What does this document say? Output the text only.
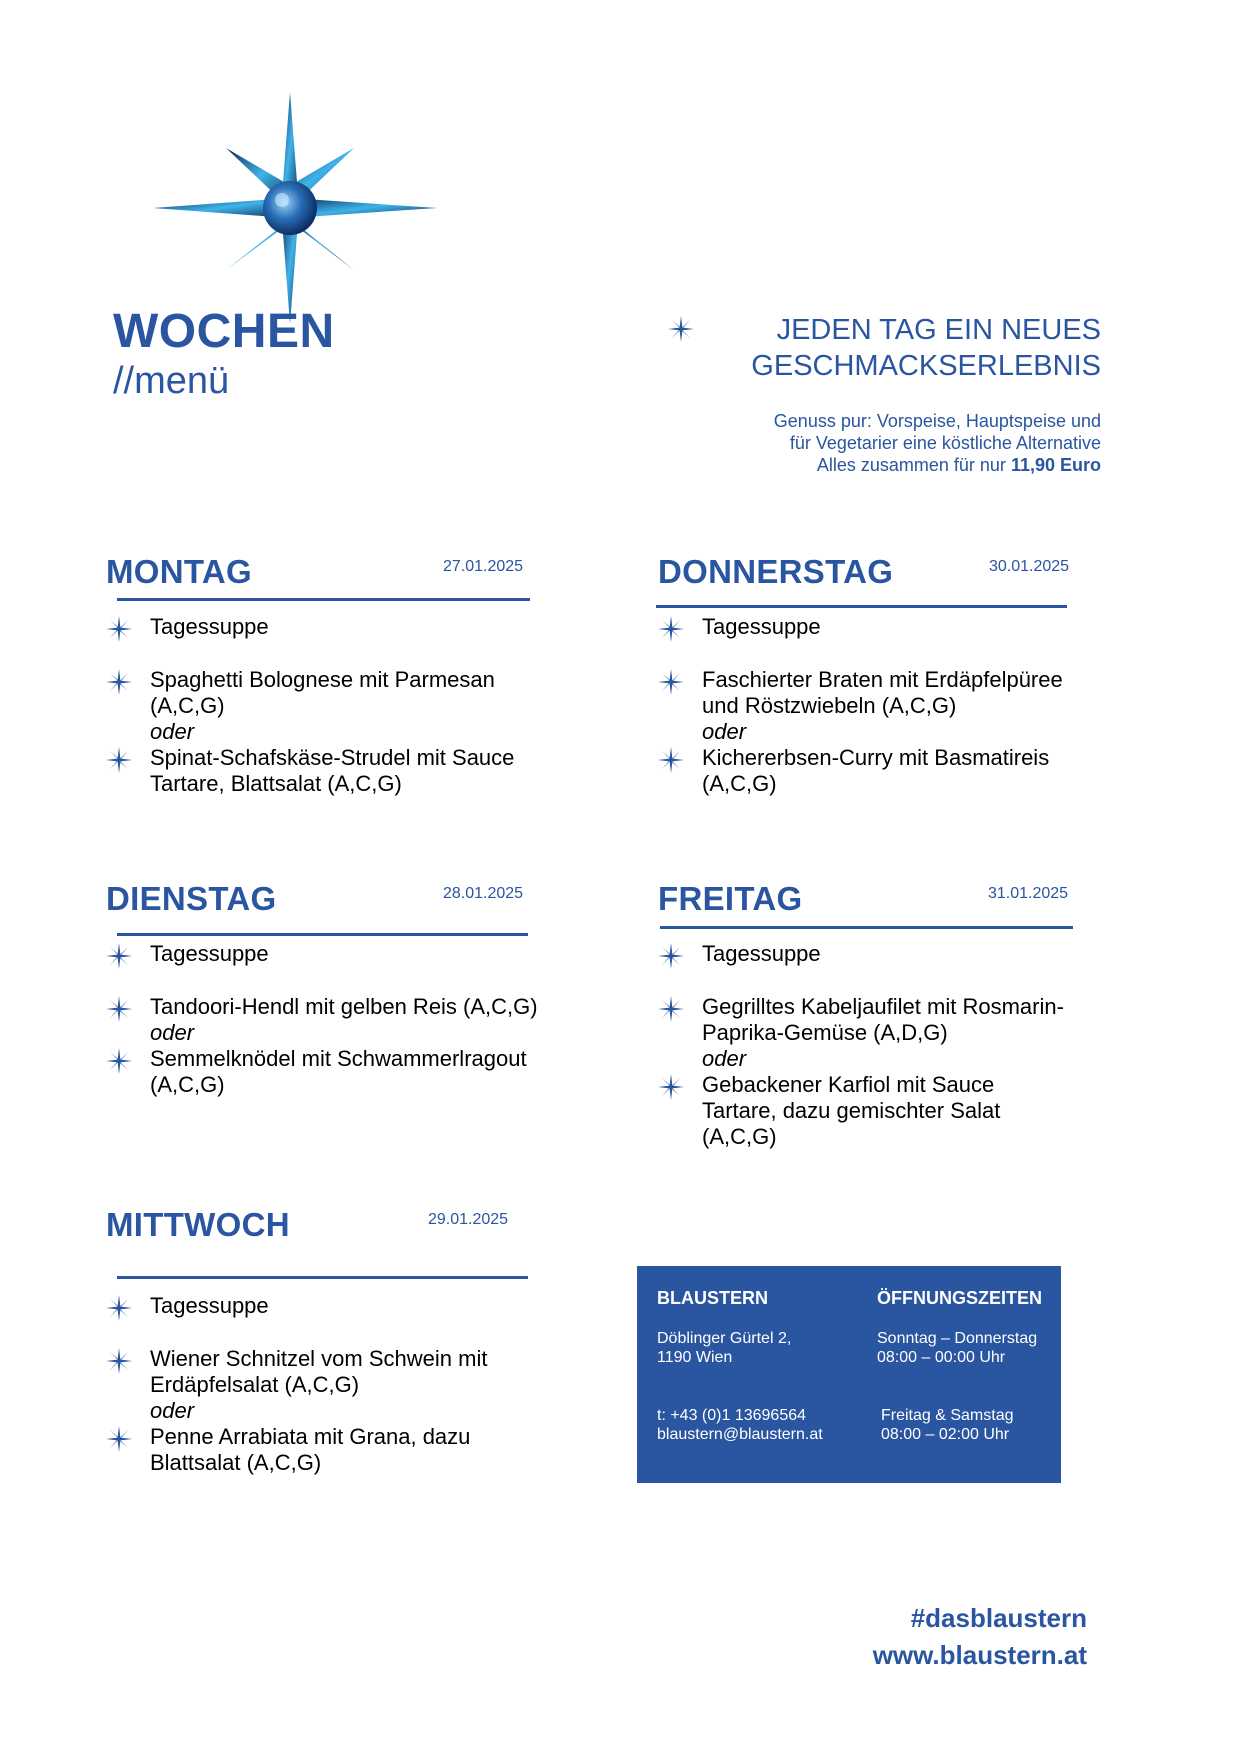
WOCHEN
//menü
JEDEN TAG EIN NEUES
GESCHMACKSERLEBNIS
Genuss pur: Vorspeise, Hauptspeise und
für Vegetarier eine köstliche Alternative
Alles zusammen für nur 11,90 Euro
MONTAG	27.01.2025
Tagessuppe
Spaghetti Bolognese mit Parmesan
(A,C,G)
oder
Spinat-Schafskäse-Strudel mit Sauce
Tartare, Blattsalat (A,C,G)
DIENSTAG	28.01.2025
Tagessuppe
Tandoori-Hendl mit gelben Reis (A,C,G)
oder
Semmelknödel mit Schwammerlragout
(A,C,G)
MITTWOCH	29.01.2025
Tagessuppe
Wiener Schnitzel vom Schwein mit
Erdäpfelsalat (A,C,G)
oder
Penne Arrabiata mit Grana, dazu
Blattsalat (A,C,G)
DONNERSTAG	30.01.2025
Tagessuppe
Faschierter Braten mit Erdäpfelpüree
und Röstzwiebeln (A,C,G)
oder
Kichererbsen-Curry mit Basmatireis
(A,C,G)
FREITAG	31.01.2025
Tagessuppe
Gegrilltes Kabeljaufilet mit Rosmarin-
Paprika-Gemüse (A,D,G)
oder
Gebackener Karfiol mit Sauce
Tartare, dazu gemischter Salat
(A,C,G)
BLAUSTERN
Döblinger Gürtel 2,
1190 Wien
t: +43 (0)1 13696564
blaustern@blaustern.at
ÖFFNUNGSZEITEN
Sonntag – Donnerstag
08:00 – 00:00 Uhr
Freitag & Samstag
08:00 – 02:00 Uhr
#dasblaustern
www.blaustern.at
